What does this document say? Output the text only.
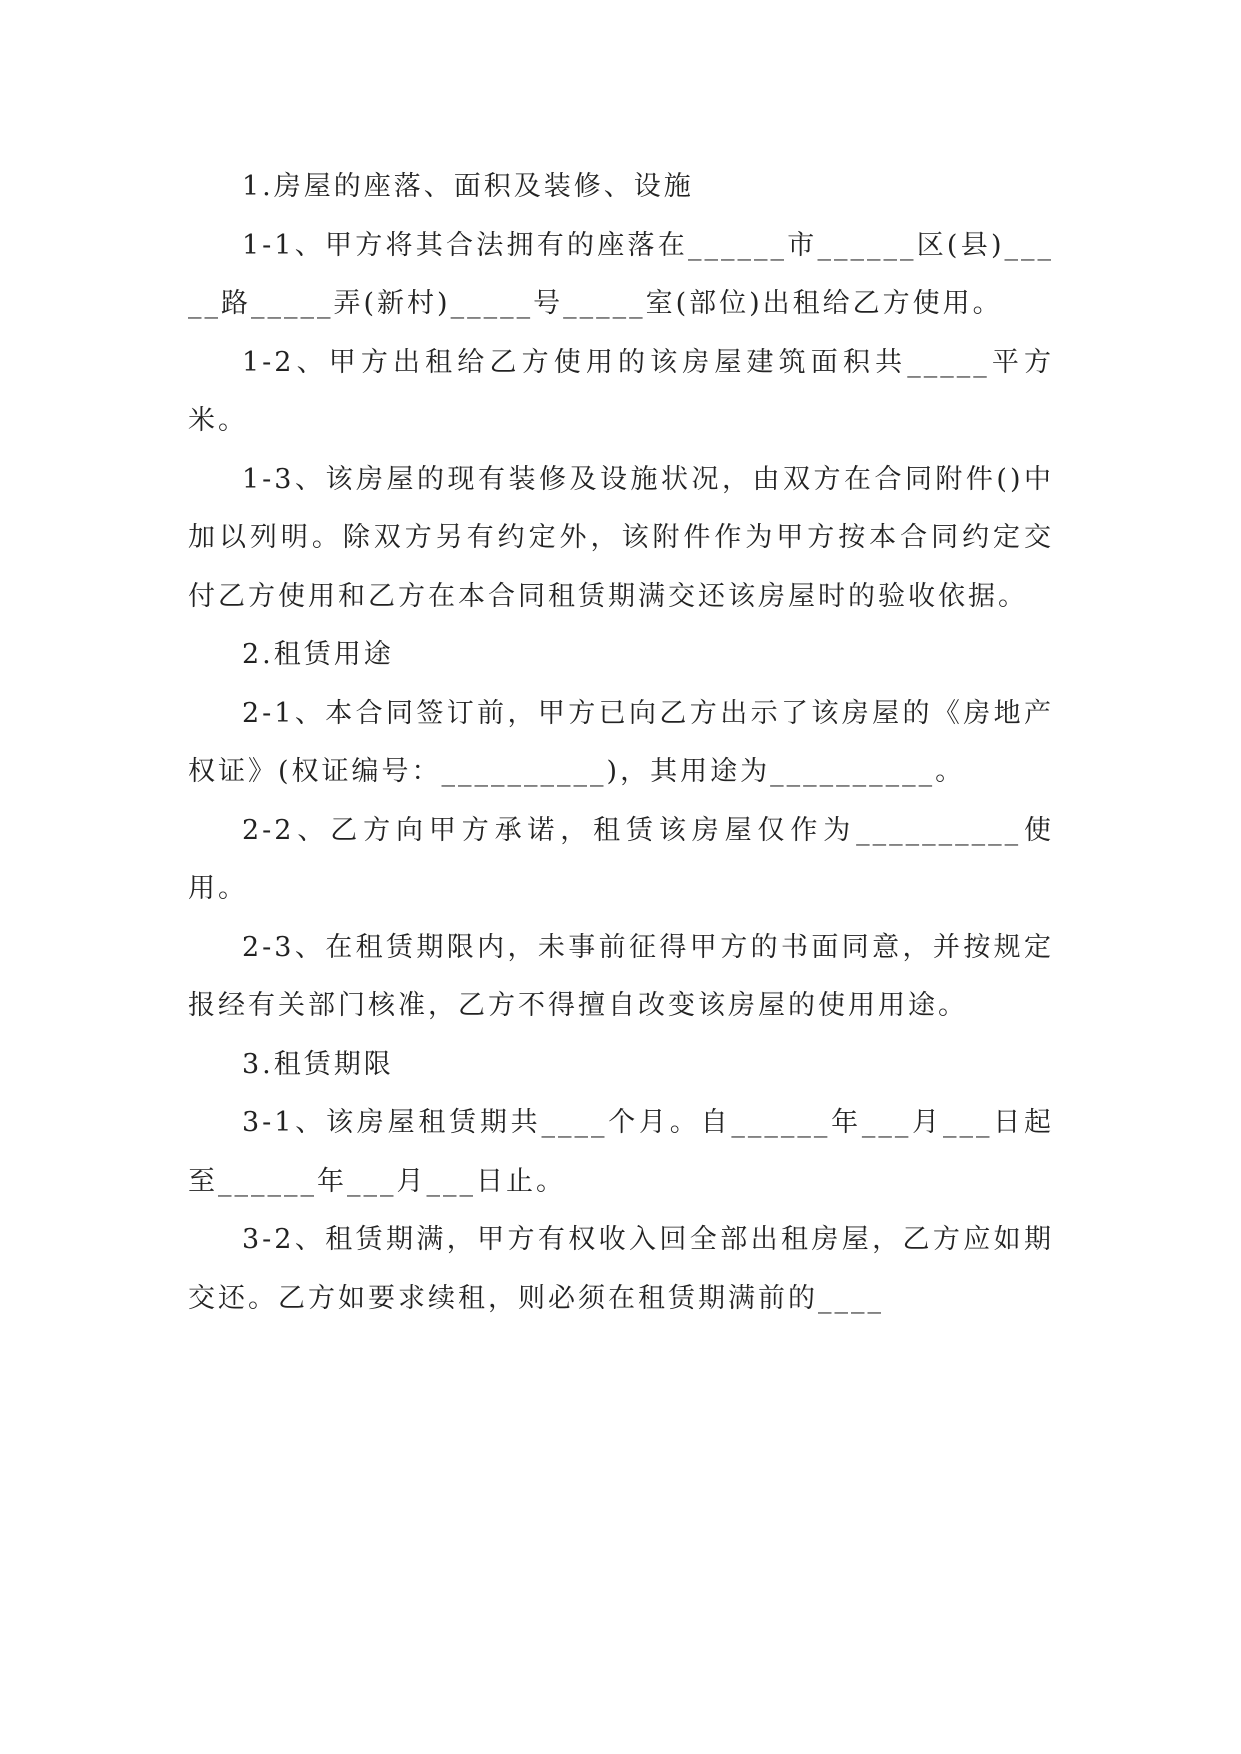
1.房屋的座落、面积及装修、设施

1-1、甲方将其合法拥有的座落在______市______区(县)_____路_____弄(新村)_____号_____室(部位)出租给乙方使用。

1-2、甲方出租给乙方使用的该房屋建筑面积共_____平方米。

1-3、该房屋的现有装修及设施状况，由双方在合同附件()中加以列明。除双方另有约定外，该附件作为甲方按本合同约定交付乙方使用和乙方在本合同租赁期满交还该房屋时的验收依据。

2.租赁用途

2-1、本合同签订前，甲方已向乙方出示了该房屋的《房地产权证》(权证编号：__________)，其用途为__________。

2-2、乙方向甲方承诺，租赁该房屋仅作为__________使用。

2-3、在租赁期限内，未事前征得甲方的书面同意，并按规定报经有关部门核准，乙方不得擅自改变该房屋的使用用途。

3.租赁期限

3-1、该房屋租赁期共____个月。自______年___月___日起至______年___月___日止。

3-2、租赁期满，甲方有权收入回全部出租房屋，乙方应如期交还。乙方如要求续租，则必须在租赁期满前的____
